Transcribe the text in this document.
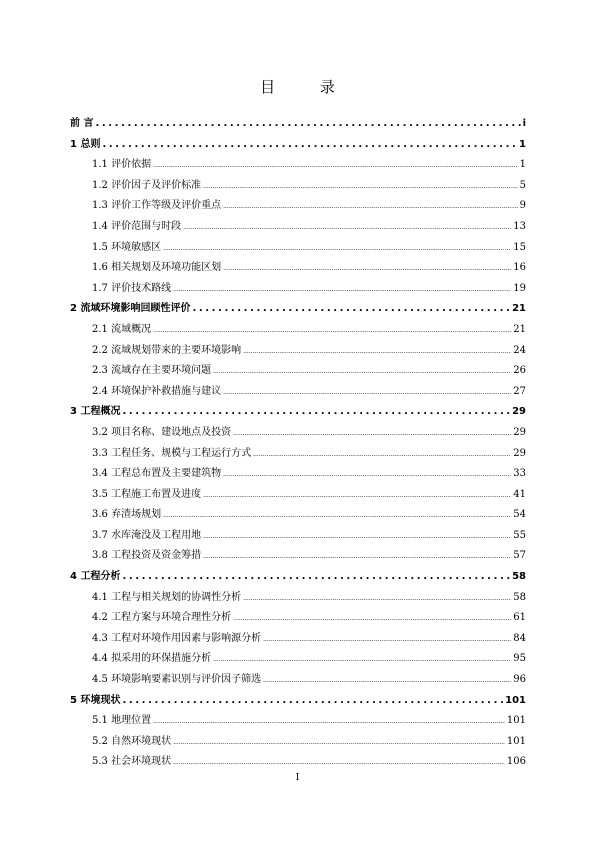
目 录
前 言 .....	i
1 总则 .....	1
1.1 评价依据 .....	1
1.2 评价因子及评价标准 .....	5
1.3 评价工作等级及评价重点 .....	9
1.4 评价范围与时段 .....	13
1.5 环境敏感区 .....	15
1.6 相关规划及环境功能区划 .....	16
1.7 评价技术路线 .....	19
2 流域环境影响回顾性评价 .....	21
2.1 流域概况 .....	21
2.2 流域规划带来的主要环境影响 .....	24
2.3 流域存在主要环境问题 .....	26
2.4 环境保护补救措施与建议 .....	27
3 工程概况 .....	29
3.2 项目名称、建设地点及投资 .....	29
3.3 工程任务、规模与工程运行方式 .....	29
3.4 工程总布置及主要建筑物 .....	33
3.5 工程施工布置及进度 .....	41
3.6 弃渣场规划 .....	54
3.7 水库淹没及工程用地 .....	55
3.8 工程投资及资金筹措 .....	57
4 工程分析 .....	58
4.1 工程与相关规划的协调性分析 .....	58
4.2 工程方案与环境合理性分析 .....	61
4.3 工程对环境作用因素与影响源分析 .....	84
4.4 拟采用的环保措施分析 .....	95
4.5 环境影响要素识别与评价因子筛选 .....	96
5 环境现状 .....	101
5.1 地理位置 .....	101
5.2 自然环境现状 .....	101
5.3 社会环境现状 .....	106
I
